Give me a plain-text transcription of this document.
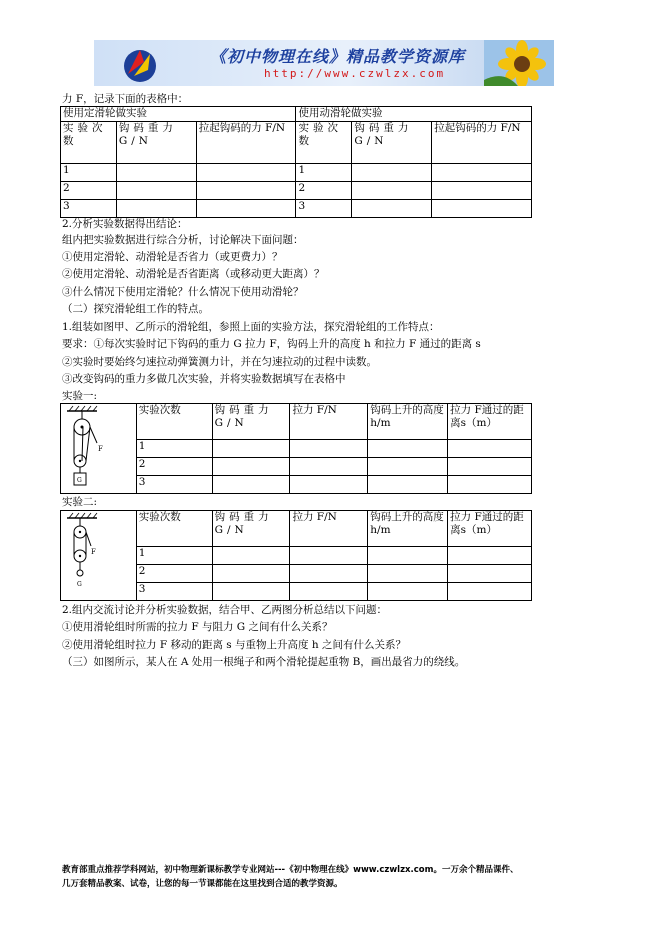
《初中物理在线》精品教学资源库
http://www.czwlzx.com
力 F，记录下面的表格中：
使用定滑轮做实验			使用动滑轮做实验		
实验次数	钩码重力 G/N	拉起钩码的力 F/N	实验次数	钩码重力 G/N	拉起钩码的力 F/N
1			1		
2			2		
3			3		
2.分析实验数据得出结论：
组内把实验数据进行综合分析，讨论解决下面问题：
①使用定滑轮、动滑轮是否省力（或更费力）？
②使用定滑轮、动滑轮是否省距离（或移动更大距离）？
③什么情况下使用定滑轮？什么情况下使用动滑轮？
（二）探究滑轮组工作的特点。
1.组装如图甲、乙所示的滑轮组，参照上面的实验方法，探究滑轮组的工作特点：
要求：①每次实验时记下钩码的重力 G 拉力 F，钩码上升的高度 h 和拉力 F 通过的距离 s
②实验时要始终匀速拉动弹簧测力计，并在匀速拉动的过程中读数。
③改变钩码的重力多做几次实验，并将实验数据填写在表格中
实验一:
	实验次数	钩码重力 G/N	拉力 F/N	钩码上升的高度 h/m	拉力 F通过的距离s（m）
	1				
	2				
	3				
F
G
实验二:
	实验次数	钩码重力 G/N	拉力 F/N	钩码上升的高度 h/m	拉力 F通过的距离s（m）
	1				
	2				
	3				
F
G
2.组内交流讨论并分析实验数据，结合甲、乙两图分析总结以下问题：
①使用滑轮组时所需的拉力 F 与阻力 G 之间有什么关系？
②使用滑轮组时拉力 F 移动的距离 s 与重物上升高度 h 之间有什么关系？
（三）如图所示，某人在 A 处用一根绳子和两个滑轮提起重物 B，画出最省力的绕线。
教育部重点推荐学科网站，初中物理新课标教学专业网站---《初中物理在线》www.czwlzx.com。一万余个精品课件、
几万套精品教案、试卷，让您的每一节课都能在这里找到合适的教学资源。
